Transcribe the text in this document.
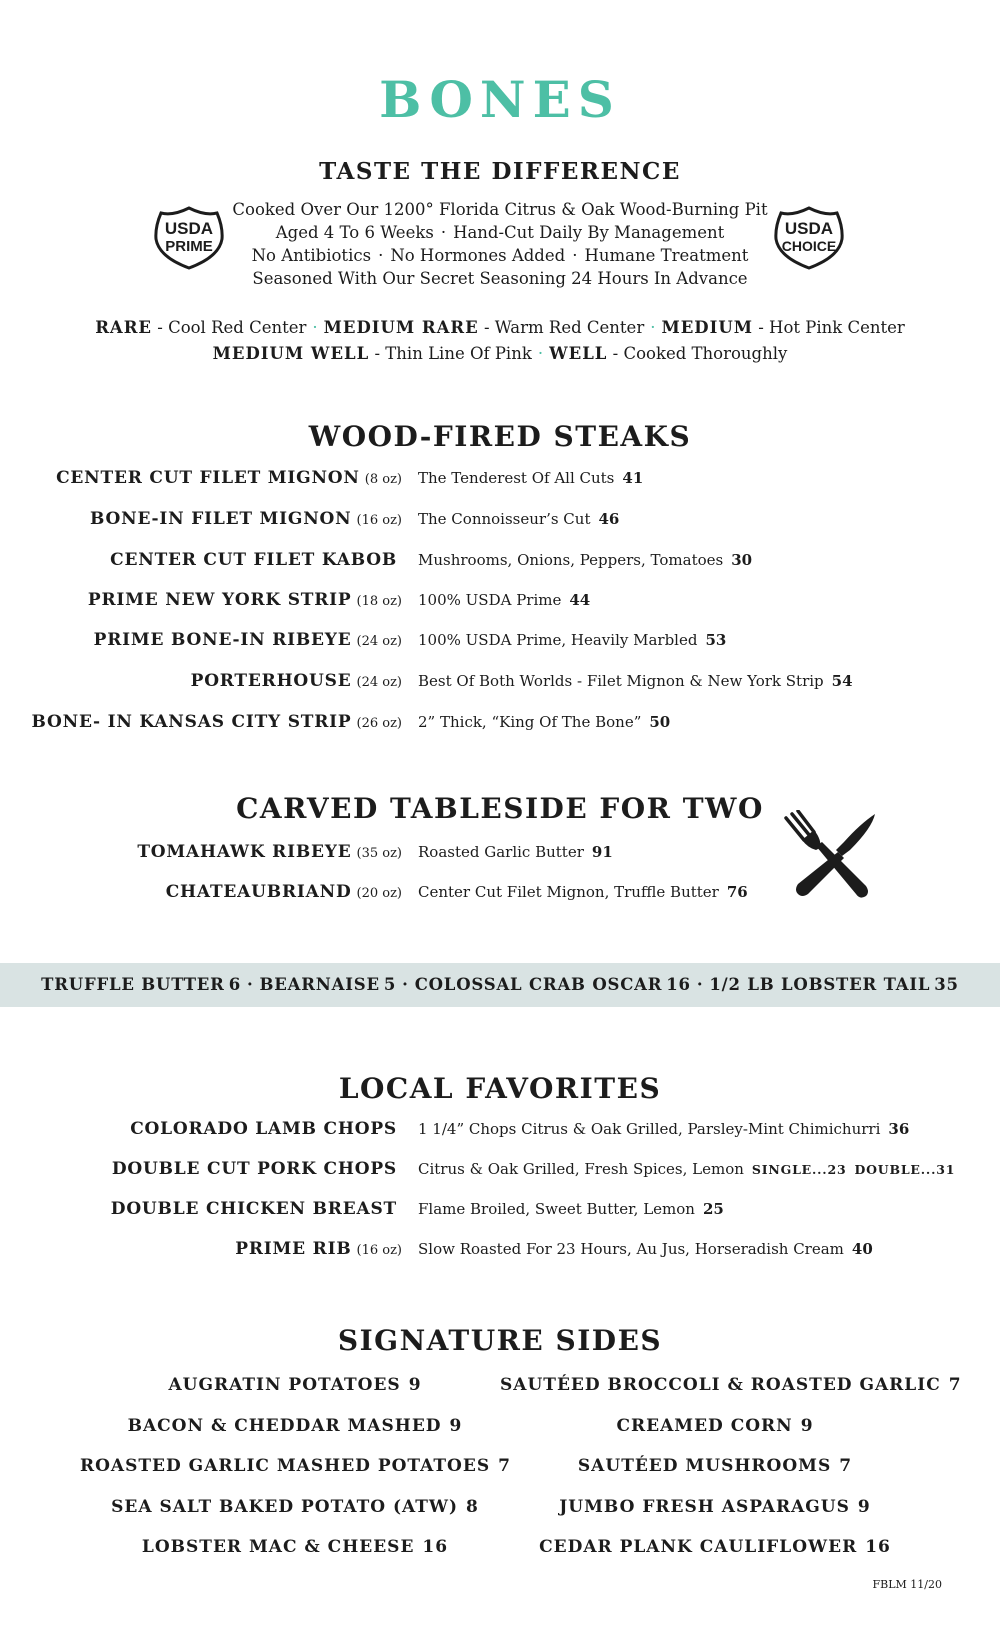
BONES
TASTE THE DIFFERENCE
Cooked Over Our 1200° Florida Citrus & Oak Wood-Burning Pit
Aged 4 To 6 Weeks · Hand-Cut Daily By Management
No Antibiotics · No Hormones Added · Humane Treatment
Seasoned With Our Secret Seasoning 24 Hours In Advance
USDA
PRIME
USDA
CHOICE
RARE - Cool Red Center · MEDIUM RARE - Warm Red Center · MEDIUM - Hot Pink Center
MEDIUM WELL - Thin Line Of Pink · WELL - Cooked Thoroughly
WOOD-FIRED STEAKS
CENTER CUT FILET MIGNON (8 oz) The Tenderest Of All Cuts 41
BONE-IN FILET MIGNON (16 oz) The Connoisseur’s Cut 46
CENTER CUT FILET KABOB	Mushrooms, Onions, Peppers, Tomatoes 30
PRIME NEW YORK STRIP (18 oz) 100% USDA Prime 44
PRIME BONE-IN RIBEYE (24 oz) 100% USDA Prime, Heavily Marbled 53
PORTERHOUSE (24 oz) Best Of Both Worlds - Filet Mignon & New York Strip 54
BONE- IN KANSAS CITY STRIP (26 oz) 2” Thick, “King Of The Bone” 50
CARVED TABLESIDE FOR TWO
TOMAHAWK RIBEYE (35 oz) Roasted Garlic Butter 91
CHATEAUBRIAND (20 oz) Center Cut Filet Mignon, Truffle Butter 76
TRUFFLE BUTTER 6 · BEARNAISE 5 · COLOSSAL CRAB OSCAR 16 · 1/2 LB LOBSTER TAIL 35
LOCAL FAVORITES
COLORADO LAMB CHOPS	1 1/4” Chops Citrus & Oak Grilled, Parsley-Mint Chimichurri 36
DOUBLE CUT PORK CHOPS	Citrus & Oak Grilled, Fresh Spices, Lemon SINGLE...23 DOUBLE...31
DOUBLE CHICKEN BREAST	Flame Broiled, Sweet Butter, Lemon 25
PRIME RIB (16 oz) Slow Roasted For 23 Hours, Au Jus, Horseradish Cream 40
SIGNATURE SIDES
AUGRATIN POTATOES 9
BACON & CHEDDAR MASHED 9
ROASTED GARLIC MASHED POTATOES 7
SEA SALT BAKED POTATO (ATW) 8
LOBSTER MAC & CHEESE 16
SAUTÉED BROCCOLI & ROASTED GARLIC 7
CREAMED CORN 9
SAUTÉED MUSHROOMS 7
JUMBO FRESH ASPARAGUS 9
CEDAR PLANK CAULIFLOWER 16
FBLM 11/20
